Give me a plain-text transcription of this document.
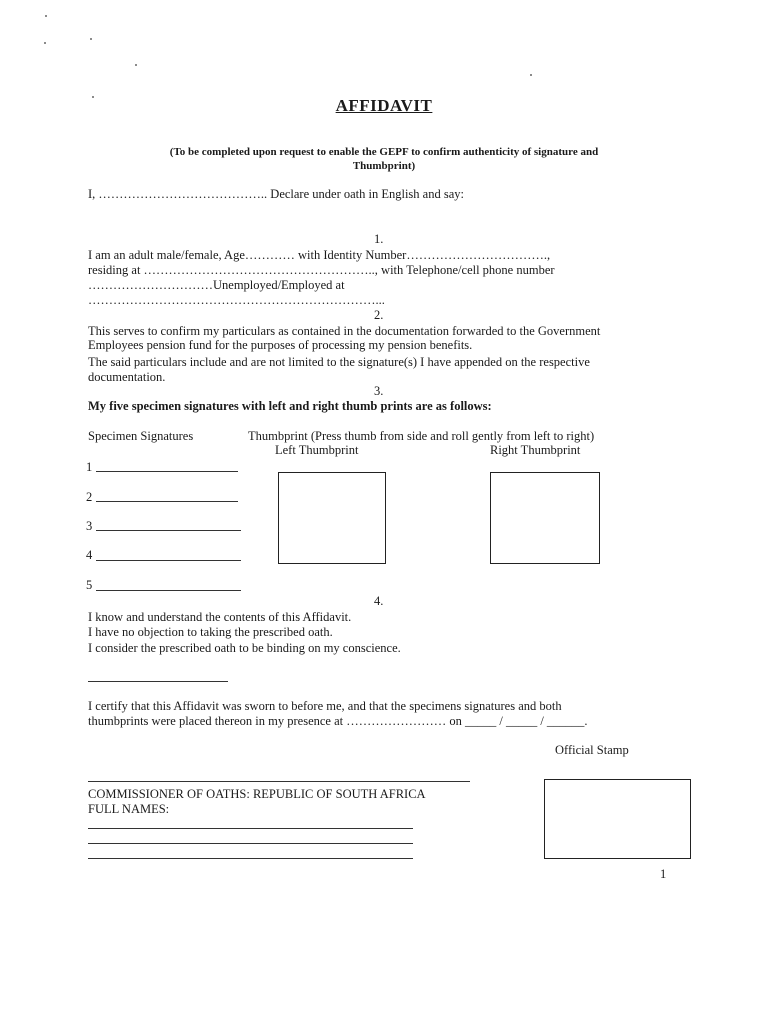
AFFIDAVIT
(To be completed upon request to enable the GEPF to confirm authenticity of signature and
Thumbprint)
I, ………………………………….. Declare under oath in English and say:
1.
I am an adult male/female, Age………… with Identity Number…………………………….,
residing at ……………………………………………….., with Telephone/cell phone number
…………………………Unemployed/Employed at
……………………………………………………………...
2.
This serves to confirm my particulars as contained in the documentation forwarded to the Government
Employees pension fund for the purposes of processing my pension benefits.
The said particulars include and are not limited to the signature(s) I have appended on the respective
documentation.
3.
My five specimen signatures with left and right thumb prints are as follows:
Specimen Signatures	Thumbprint (Press thumb from side and roll gently from left to right)
Left Thumbprint	Right Thumbprint
1
2
3
4
5
4.
I know and understand the contents of this Affidavit.
I have no objection to taking the prescribed oath.
I consider the prescribed oath to be binding on my conscience.
I certify that this Affidavit was sworn to before me, and that the specimens signatures and both
thumbprints were placed thereon in my presence at …………………… on _____ / _____ / ______.
Official Stamp
COMMISSIONER OF OATHS: REPUBLIC OF SOUTH AFRICA
FULL NAMES:
1
